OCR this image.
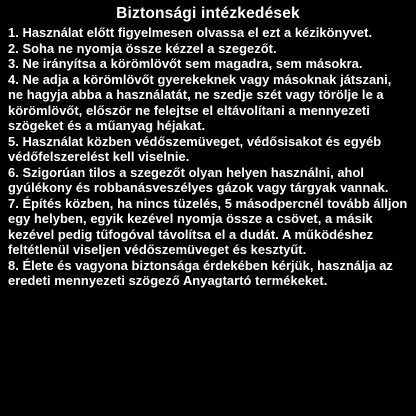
Biztonsági intézkedések

1. Használat előtt figyelmesen olvassa el ezt a kézikönyvet.

2. Soha ne nyomja össze kézzel a szegezőt.

3. Ne irányítsa a körömlövőt sem magadra, sem másokra.

4. Ne adja a körömlövőt gyerekeknek vagy másoknak játszani, ne hagyja abba a használatát, ne szedje szét vagy törölje le a körömlövőt, először ne felejtse el eltávolítani a mennyezeti szögeket és a műanyag héjakat.

5. Használat közben védőszemüveget, védősisakot és egyéb védőfelszerelést kell viselnie.

6. Szigorúan tilos a szegezőt olyan helyen használni, ahol gyúlékony és robbanásveszélyes gázok vagy tárgyak vannak.

7. Építés közben, ha nincs tüzelés, 5 másodpercnél tovább álljon egy helyben, egyik kezével nyomja össze a csövet, a másik kezével pedig tűfogóval távolítsa el a dudát. A működéshez feltétlenül viseljen védőszemüveget és kesztyűt.

8. Élete és vagyona biztonsága érdekében kérjük, használja az eredeti mennyezeti szögező Anyagtartó termékeket.
